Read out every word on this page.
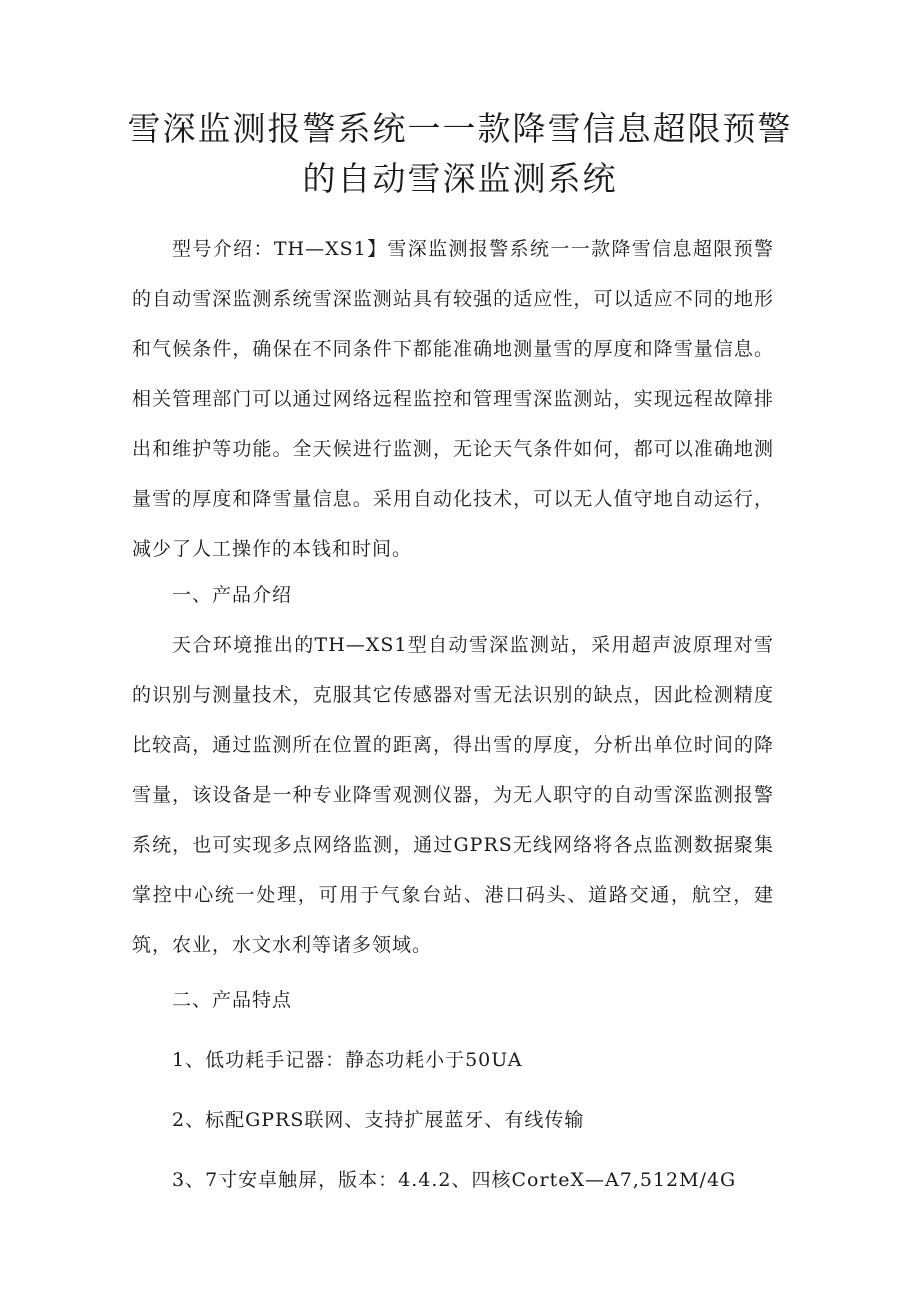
雪深监测报警系统一一款降雪信息超限预警的自动雪深监测系统

型号介绍：TH—XS1】雪深监测报警系统一一款降雪信息超限预警的自动雪深监测系统雪深监测站具有较强的适应性，可以适应不同的地形和气候条件，确保在不同条件下都能准确地测量雪的厚度和降雪量信息。相关管理部门可以通过网络远程监控和管理雪深监测站，实现远程故障排出和维护等功能。全天候进行监测，无论天气条件如何，都可以准确地测量雪的厚度和降雪量信息。采用自动化技术，可以无人值守地自动运行，减少了人工操作的本钱和时间。

一、产品介绍

天合环境推出的TH—XS1型自动雪深监测站，采用超声波原理对雪的识别与测量技术，克服其它传感器对雪无法识别的缺点，因此检测精度比较高，通过监测所在位置的距离，得出雪的厚度，分析出单位时间的降雪量，该设备是一种专业降雪观测仪器，为无人职守的自动雪深监测报警系统，也可实现多点网络监测，通过GPRS无线网络将各点监测数据聚集掌控中心统一处理，可用于气象台站、港口码头、道路交通，航空，建筑，农业，水文水利等诸多领域。

二、产品特点

1、低功耗手记器：静态功耗小于50UA

2、标配GPRS联网、支持扩展蓝牙、有线传输

3、7寸安卓触屏，版本：4.4.2、四核CorteX—A7,512M/4G
